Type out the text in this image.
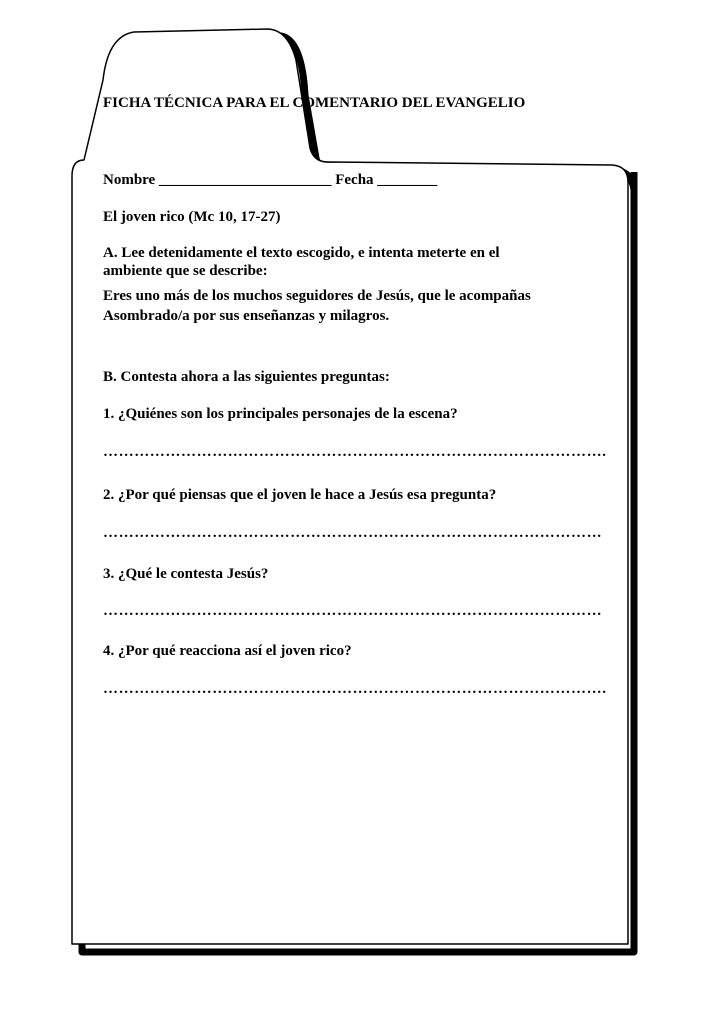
FICHA TÉCNICA PARA EL COMENTARIO DEL EVANGELIO
Nombre _______________________ Fecha ________
El joven rico (Mc 10, 17-27)
A. Lee detenidamente el texto escogido, e intenta meterte en el
ambiente que se describe:
Eres uno más de los muchos seguidores de Jesús, que le acompañas
Asombrado/a por sus enseñanzas y milagros.
B. Contesta ahora a las siguientes preguntas:
1. ¿Quiénes son los principales personajes de la escena?
…………………………………………………………………………………….
2. ¿Por qué piensas que el joven le hace a Jesús esa pregunta?
……………………………………………………………………………………
3. ¿Qué le contesta Jesús?
……………………………………………………………………………………
4. ¿Por qué reacciona así el joven rico?
…………………………………………………………………………………….
